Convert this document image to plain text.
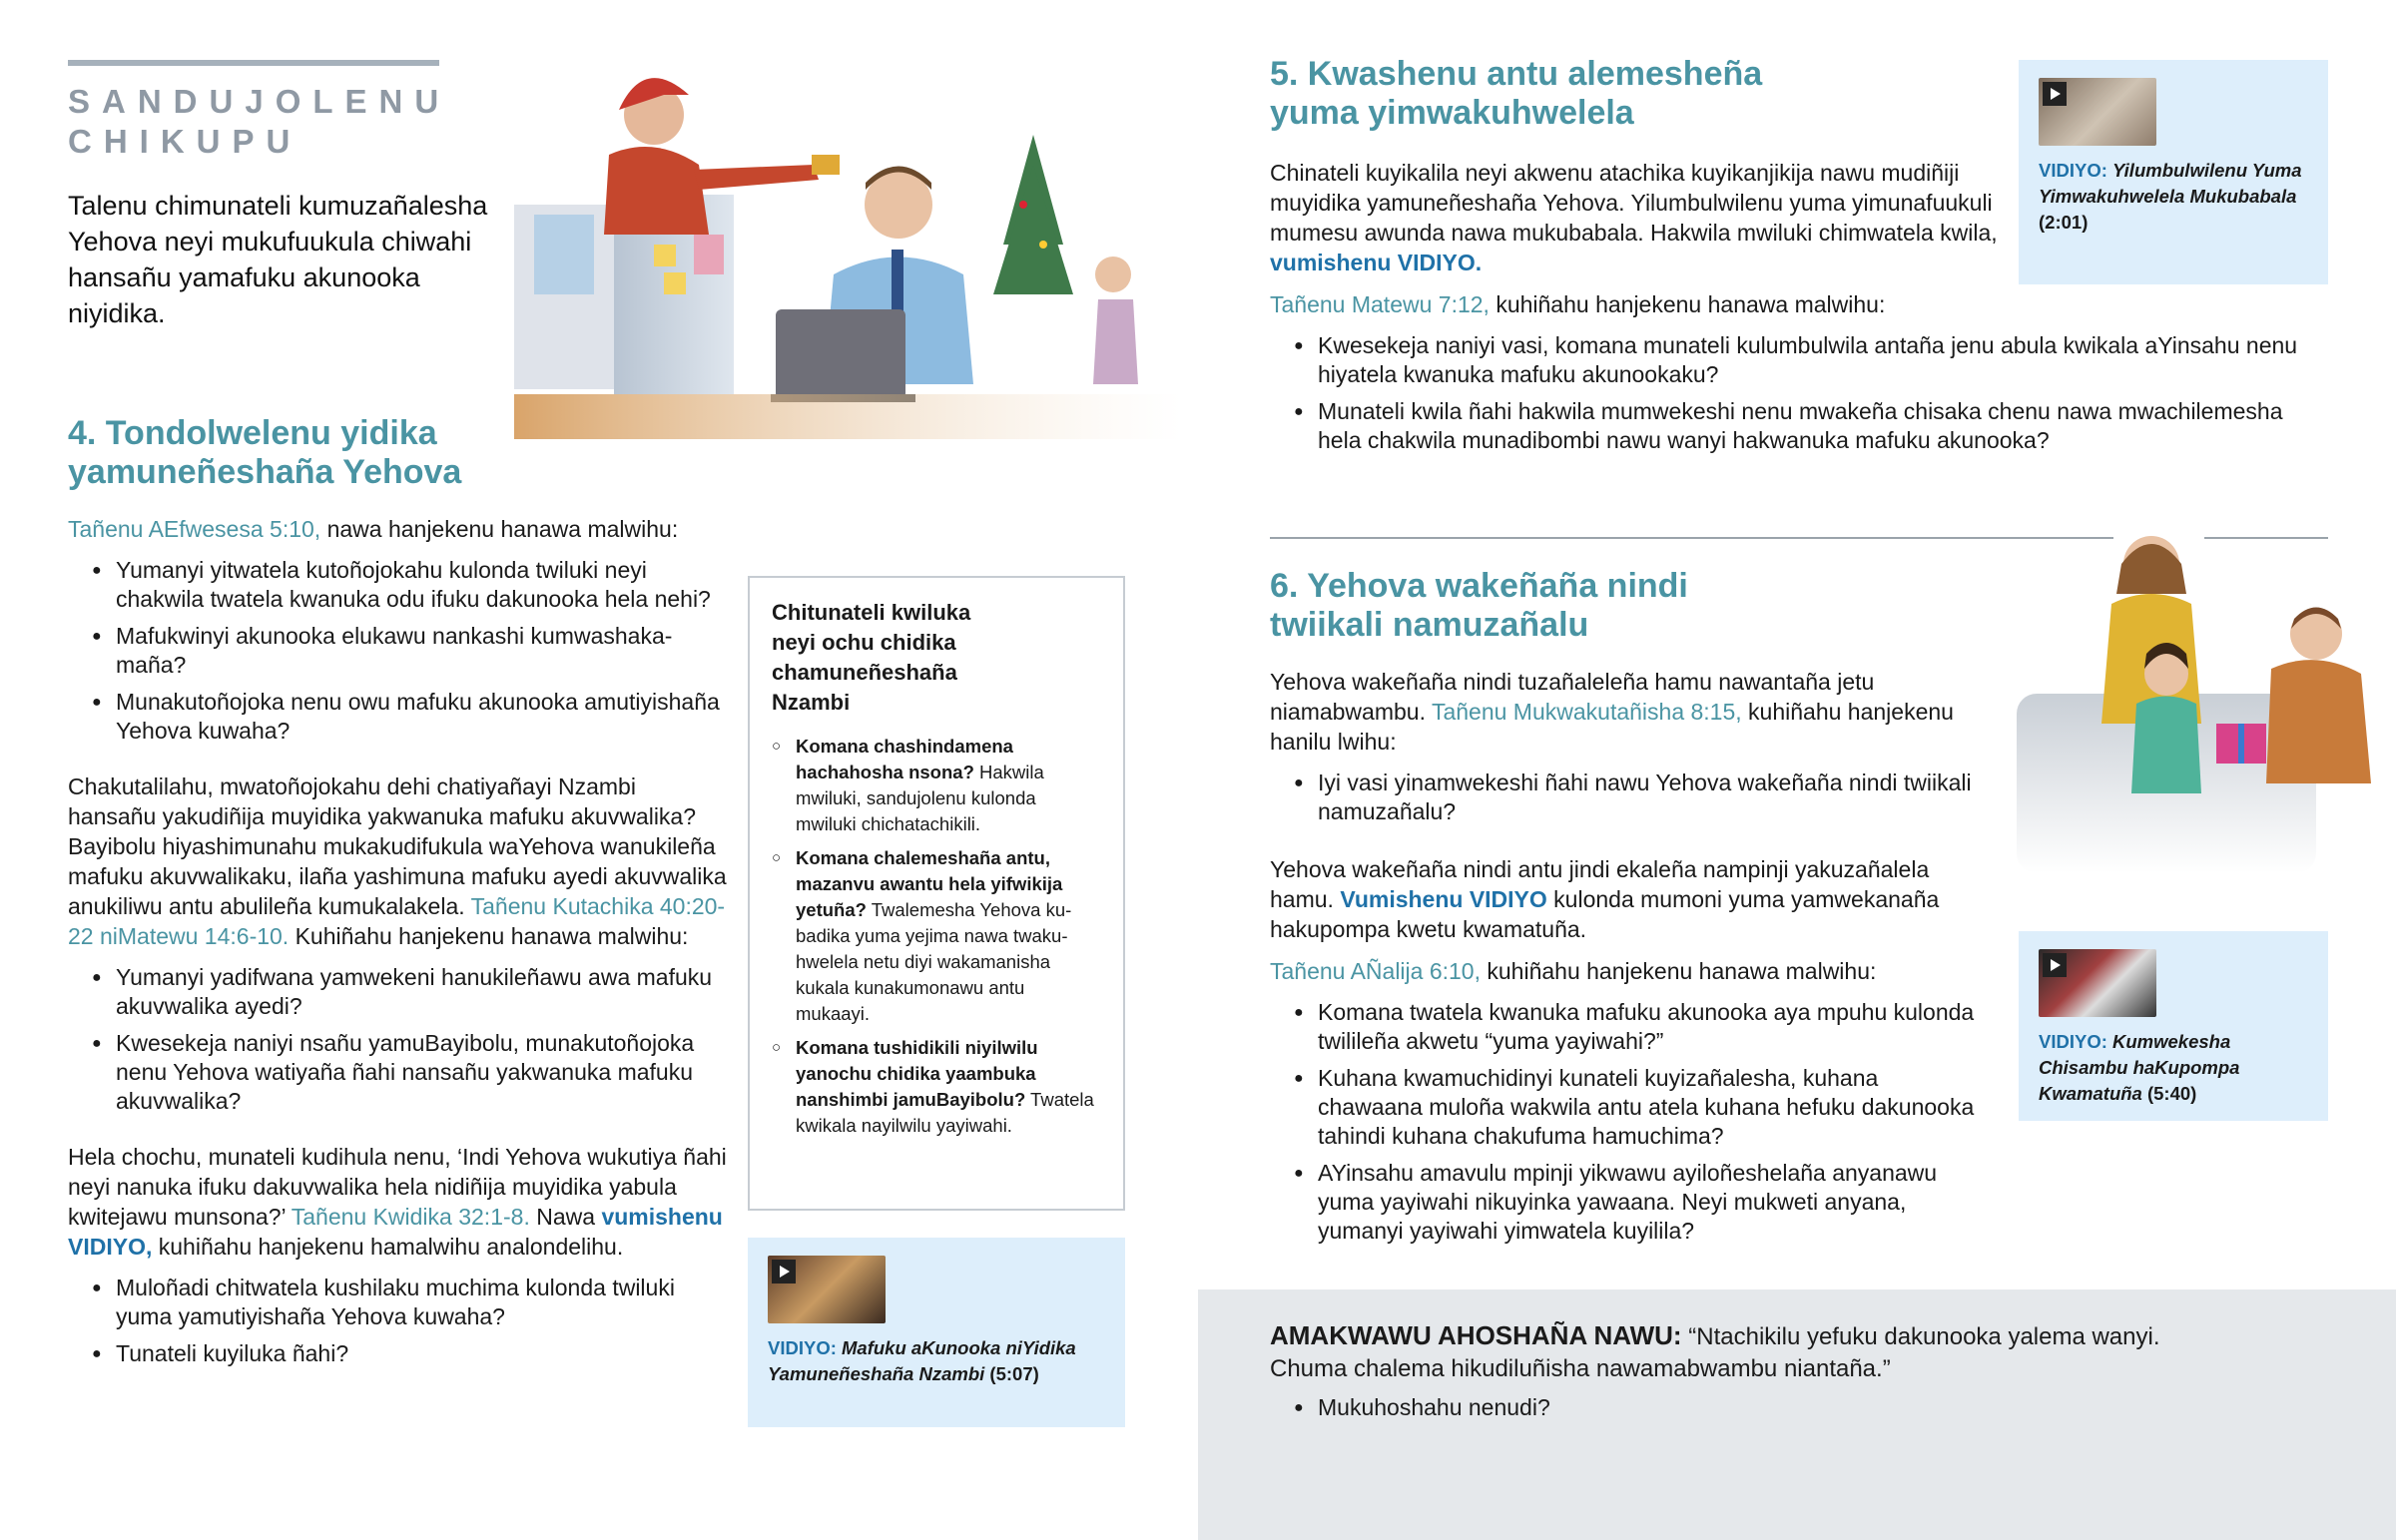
SANDUJOLENU
CHIKUPU
Talenu chimunateli kumuzañalesha Yehova neyi mukufuukula chiwahi hansañu yamafuku akunooka niyidika.
4. Tondolwelenu yidika
yamuneñeshaña Yehova

Tañenu AEfwesesa 5:10, nawa hanjekenu hanawa malwihu:

● Yumanyi yitwatela kutoñojokahu kulonda twiluki neyi chakwila twatela kwanuka odu ifuku dakunooka hela nehi?
● Mafukwinyi akunooka elukawu nankashi kumwashakamaña?
● Munakutoñojoka nenu owu mafuku akunooka amutiyishaña Yehova kuwaha?

Chakutalilahu, mwatoñojokahu dehi chatiyañayi Nzambi hansañu yakudiñija muyidika yakwanuka mafuku akuvwalika? Bayibolu hiyashimunahu mukakudifukula waYehova wanukileña mafuku akuvwalikaku, ilaña yashimuna mafuku ayedi akuvwalika anukiliwu antu abulileña kumukalakela. Tañenu Kutachika 40:20-22 niMatewu 14:6-10. Kuhiñahu hanjekenu hanawa malwihu:

● Yumanyi yadifwana yamwekeni hanukileñawu awa mafuku akuvwalika ayedi?
● Kwesekeja naniyi nsañu yamuBayibolu, munakutoñojoka nenu Yehova watiyaña ñahi nansañu yakwanuka mafuku akuvwalika?

Hela chochu, munateli kudihula nenu, ‘Indi Yehova wukutiya ñahi neyi nanuka ifuku dakuvwalika hela nidiñija muyidika yabula kwitejawu munsona?’ Tañenu Kwidika 32:1-8. Nawa vumishenu VIDIYO, kuhiñahu hanjekenu hamalwihu analondelihu.

● Muloñadi chitwatela kushilaku muchima kulonda twiluki yuma yamutiyishaña Yehova kuwaha?
● Tunateli kuyiluka ñahi?
Chitunateli kwiluka neyi ochu chidika chamuneñeshaña Nzambi
○ Komana chashindamena hachahosha nsona? Hakwila mwiluki, sandujolenu kulonda mwiluki chichatachikili.
○ Komana chalemeshaña antu, mazanvu awantu hela yifwikija yetuña? Twalemesha Yehova kubadika yuma yejima nawa twakuhwelela netu diyi wakamanisha kukala kunakumonawu antu mukaayi.
○ Komana tushidikili niyilwilu yanochu chidika yaambuka nanshimbi jamuBayibolu? Twatela kwikala nayilwilu yayiwahi.
VIDIYO: Mafuku aKunooka niYidika Yamuneñeshaña Nzambi (5:07)
5. Kwashenu antu alemesheña
yuma yimwakuhwelela
VIDIYO: Yilumbulwilenu Yuma Yimwakuhwelela Mukubabala (2:01)

Chinateli kuyikalila neyi akwenu atachika kuyikanjikija nawu mudiñiji muyidika yamuneñeshaña Yehova. Yilumbulwilenu yuma yimunafuukuli mumesu awunda nawa mukubabala. Hakwila mwiluki chimwatela kwila, vumishenu VIDIYO.

Tañenu Matewu 7:12, kuhiñahu hanjekenu hanawa malwihu:

● Kwesekeja naniyi vasi, komana munateli kulumbulwila antaña jenu abula kwikala aYinsahu nenu hiyatela kwanuka mafuku akunookaku?
● Munateli kwila ñahi hakwila mumwekeshi nenu mwakeña chisaka chenu nawa mwachilemesha hela chakwila munadibombi nawu wanyi hakwanuka mafuku akunooka?
6. Yehova wakeñaña nindi
twiikali namuzañalu

Yehova wakeñaña nindi tuzañaleleña hamu nawantaña jetu niamabwambu. Tañenu Mukwakutañisha 8:15, kuhiñahu hanjekenu hanilu lwihu:

● Iyi vasi yinamwekeshi ñahi nawu Yehova wakeñaña nindi twiikali namuzañalu?

Yehova wakeñaña nindi antu jindi ekaleña nampinji yakuzañalela hamu. Vumishenu VIDIYO kulonda mumoni yuma yamwekanaña hakupompa kwetu kwamatuña.

Tañenu AÑalija 6:10, kuhiñahu hanjekenu hanawa malwihu:

● Komana twatela kwanuka mafuku akunooka aya mpuhu kulonda twilileña akwetu “yuma yayiwahi?”
● Kuhana kwamuchidinyi kunateli kuyizañalesha, kuhana chawaana muloña wakwila antu atela kuhana hefuku dakunooka tahindi kuhana chakufuma hamuchima?
● AYinsahu amavulu mpinji yikwawu ayiloñeshelaña anyanawu yuma yayiwahi nikuyinka yawaana. Neyi mukweti anyana, yumanyi yayiwahi yimwatela kuyilila?
VIDIYO: Kumwekesha Chisambu haKupompa Kwamatuña (5:40)
AMAKWAWU AHOSHAÑA NAWU: “Ntachikilu yefuku dakunooka yalema wanyi. Chuma chalema hikudiluñisha nawamabwambu niantaña.”
● Mukuhoshahu nenudi?
